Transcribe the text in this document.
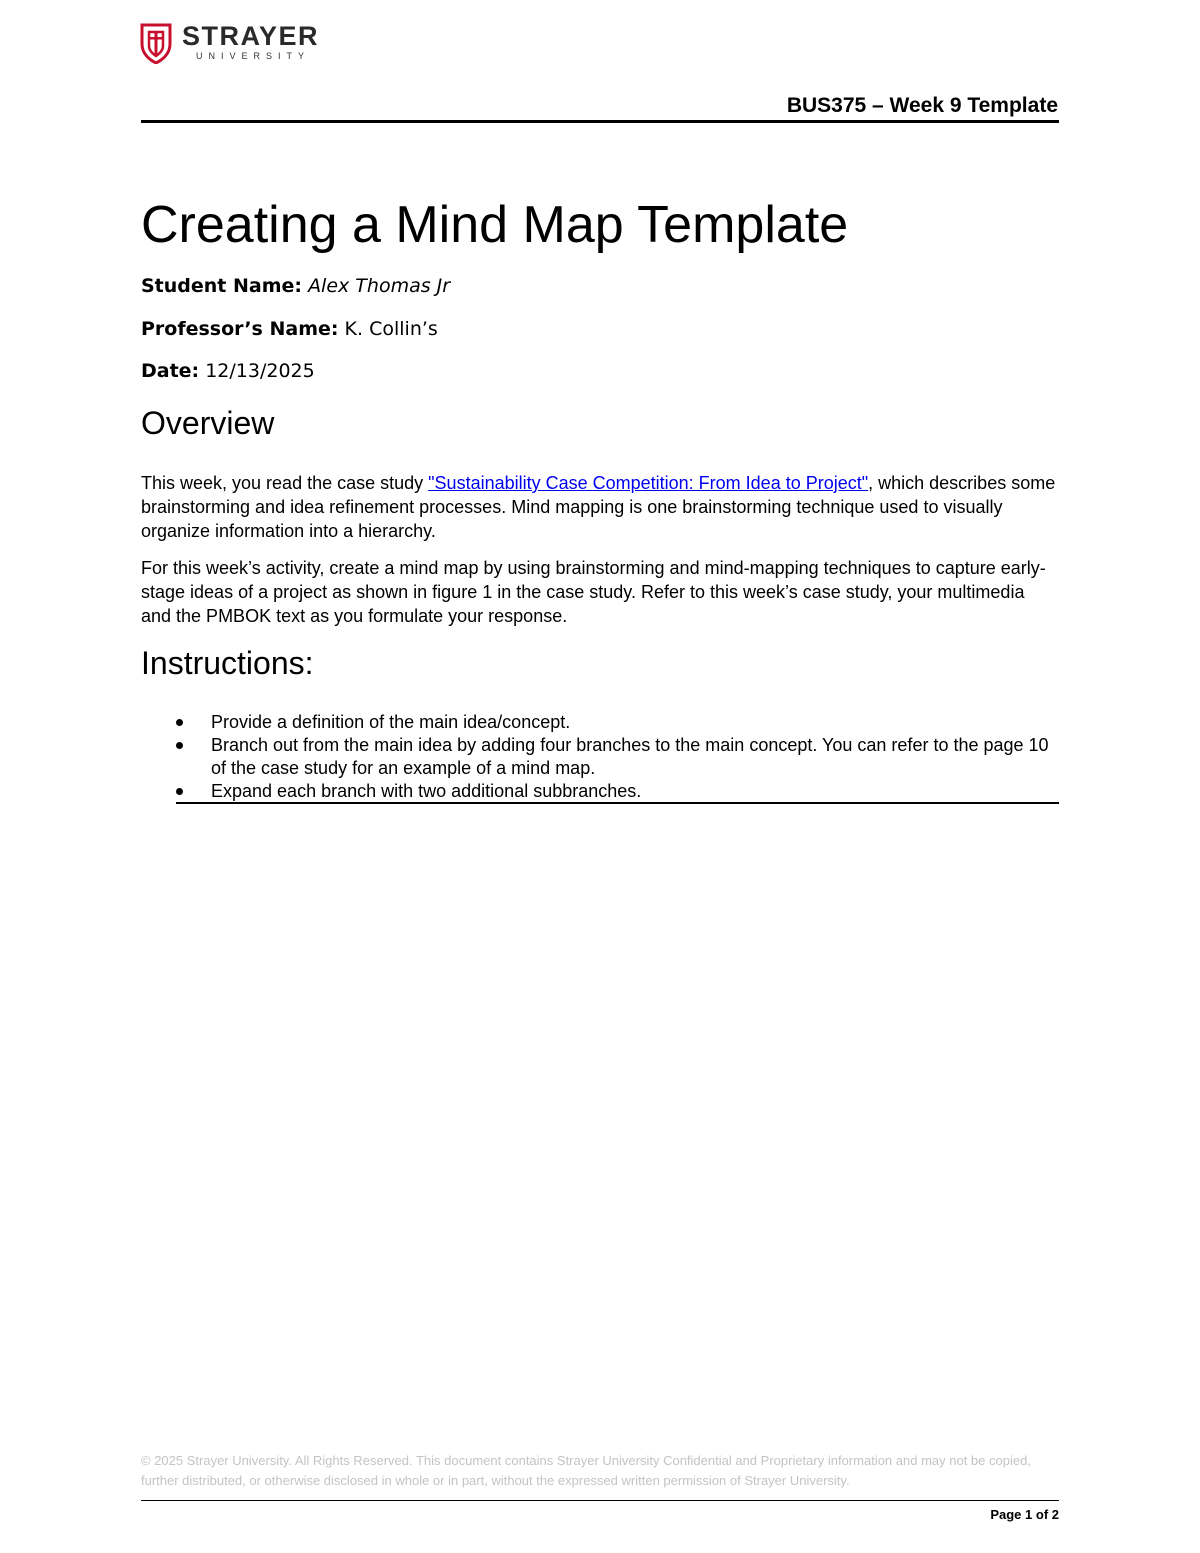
STRAYER
UNIVERSITY
BUS375 – Week 9 Template
Creating a Mind Map Template
Student Name: Alex Thomas Jr
Professor’s Name: K. Collin’s
Date: 12/13/2025
Overview

This week, you read the case study "Sustainability Case Competition: From Idea to Project", which describes some brainstorming and idea refinement processes. Mind mapping is one brainstorming technique used to visually organize information into a hierarchy.

For this week’s activity, create a mind map by using brainstorming and mind-mapping techniques to capture early-stage ideas of a project as shown in figure 1 in the case study. Refer to this week’s case study, your multimedia and the PMBOK text as you formulate your response.

Instructions:
Provide a definition of the main idea/concept.
Branch out from the main idea by adding four branches to the main concept. You can refer to the page 10 of the case study for an example of a mind map.
Expand each branch with two additional subbranches.
© 2025 Strayer University. All Rights Reserved. This document contains Strayer University Confidential and Proprietary information and may not be copied, further distributed, or otherwise disclosed in whole or in part, without the expressed written permission of Strayer University.
Page 1 of 2
